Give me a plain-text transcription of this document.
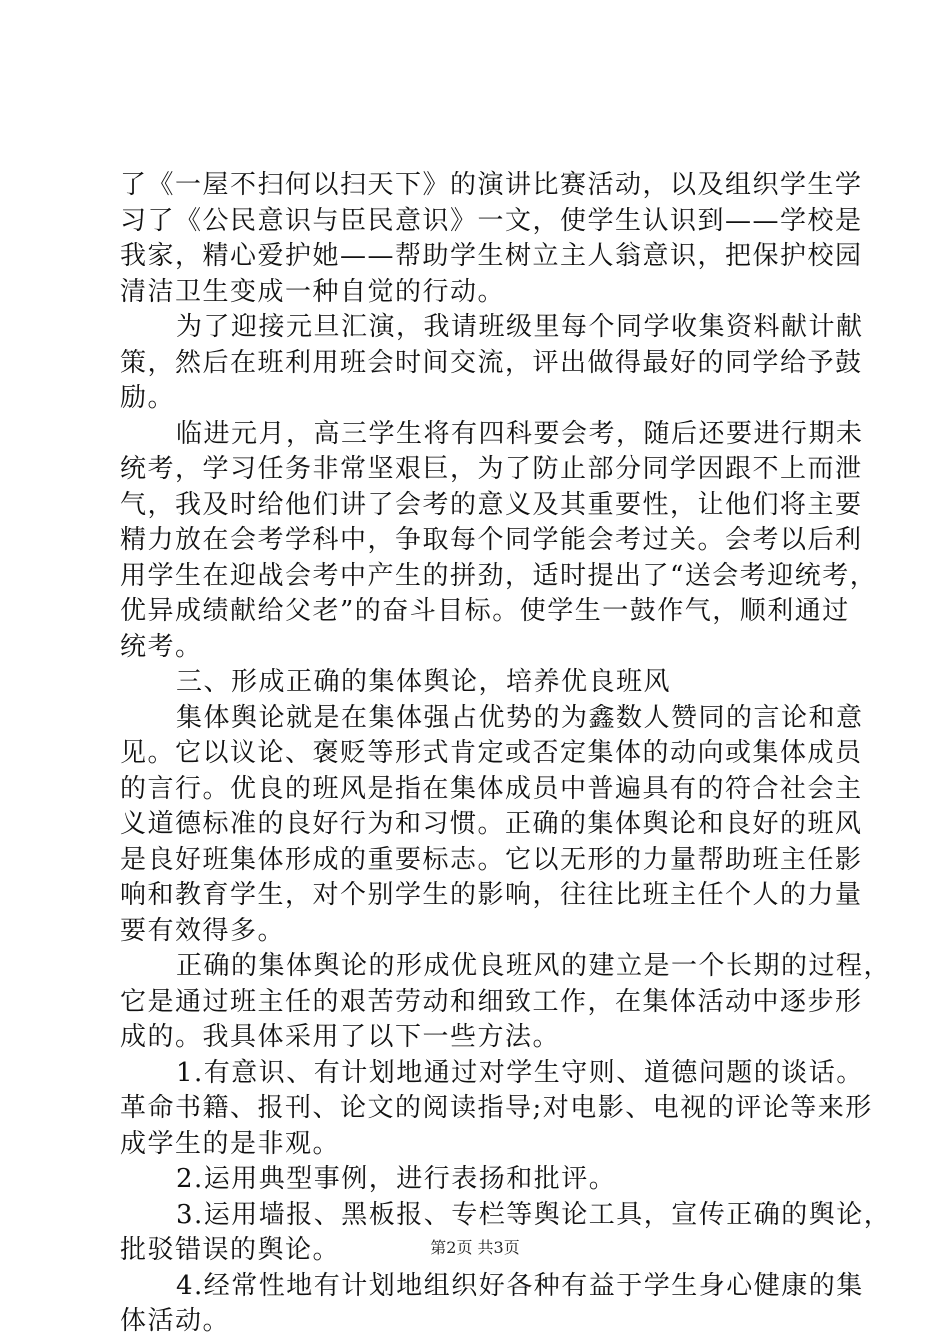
了《一屋不扫何以扫天下》的演讲比赛活动，以及组织学生学
习了《公民意识与臣民意识》一文，使学生认识到——学校是
我家，精心爱护她——帮助学生树立主人翁意识，把保护校园
清洁卫生变成一种自觉的行动。
为了迎接元旦汇演，我请班级里每个同学收集资料献计献
策，然后在班利用班会时间交流，评出做得最好的同学给予鼓
励。
临进元月，高三学生将有四科要会考，随后还要进行期未
统考，学习任务非常坚艰巨，为了防止部分同学因跟不上而泄
气，我及时给他们讲了会考的意义及其重要性，让他们将主要
精力放在会考学科中，争取每个同学能会考过关。会考以后利
用学生在迎战会考中产生的拼劲，适时提出了“送会考迎统考，
优异成绩献给父老”的奋斗目标。使学生一鼓作气，顺利通过
统考。
三、形成正确的集体舆论，培养优良班风
集体舆论就是在集体强占优势的为鑫数人赞同的言论和意
见。它以议论、褒贬等形式肯定或否定集体的动向或集体成员
的言行。优良的班风是指在集体成员中普遍具有的符合社会主
义道德标准的良好行为和习惯。正确的集体舆论和良好的班风
是良好班集体形成的重要标志。它以无形的力量帮助班主任影
响和教育学生，对个别学生的影响，往往比班主任个人的力量
要有效得多。
正确的集体舆论的形成优良班风的建立是一个长期的过程，
它是通过班主任的艰苦劳动和细致工作，在集体活动中逐步形
成的。我具体采用了以下一些方法。
1.有意识、有计划地通过对学生守则、道德问题的谈话。
革命书籍、报刊、论文的阅读指导;对电影、电视的评论等来形
成学生的是非观。
2.运用典型事例，进行表扬和批评。
3.运用墙报、黑板报、专栏等舆论工具，宣传正确的舆论，
批驳错误的舆论。
4.经常性地有计划地组织好各种有益于学生身心健康的集
体活动。
第2页 共3页
